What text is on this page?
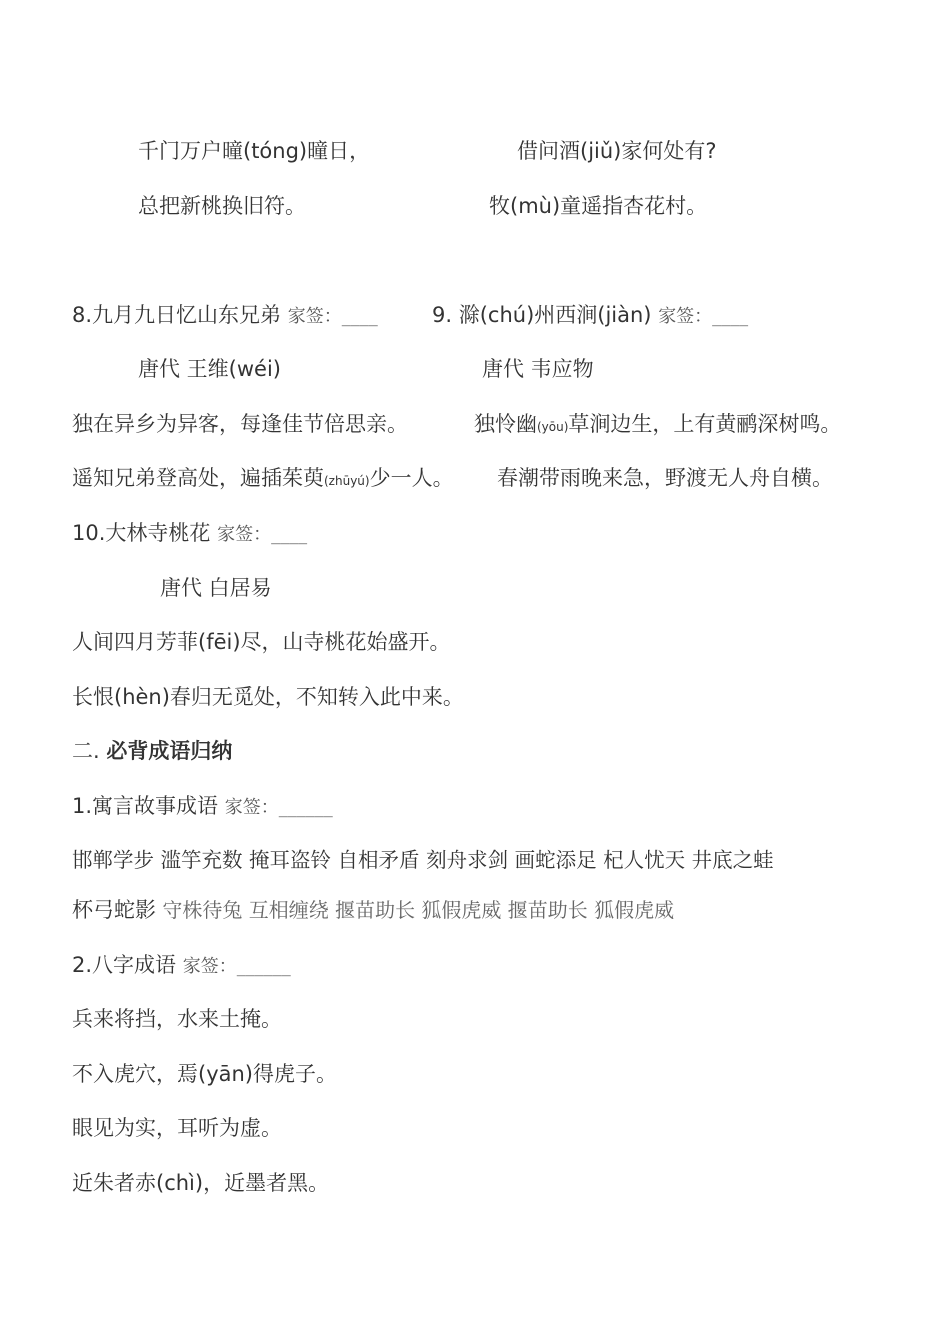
千门万户曈(tóng)曈日，	借问酒(jiǔ)家何处有?
总把新桃换旧符。	牧(mù)童遥指杏花村。
8.九月九日忆山东兄弟 家签：____	9. 滁(chú)州西涧(jiàn) 家签：____
唐代 王维(wéi)	唐代 韦应物
独在异乡为异客，每逢佳节倍思亲。	独怜幽(yōu)草涧边生，上有黄鹂深树鸣。
遥知兄弟登高处，遍插茱萸(zhūyú)少一人。 春潮带雨晚来急，野渡无人舟自横。
10.大林寺桃花 家签：____
唐代 白居易
人间四月芳菲(fēi)尽，山寺桃花始盛开。
长恨(hèn)春归无觅处，不知转入此中来。
二. 必背成语归纳
1.寓言故事成语 家签：______
邯郸学步 滥竽充数 掩耳盗铃 自相矛盾 刻舟求剑 画蛇添足 杞人忧天 井底之蛙
杯弓蛇影 守株待兔 互相缠绕 揠苗助长 狐假虎威 揠苗助长 狐假虎威
2.八字成语 家签：______
兵来将挡，水来土掩。
不入虎穴，焉(yān)得虎子。
眼见为实，耳听为虚。
近朱者赤(chì)，近墨者黑。
